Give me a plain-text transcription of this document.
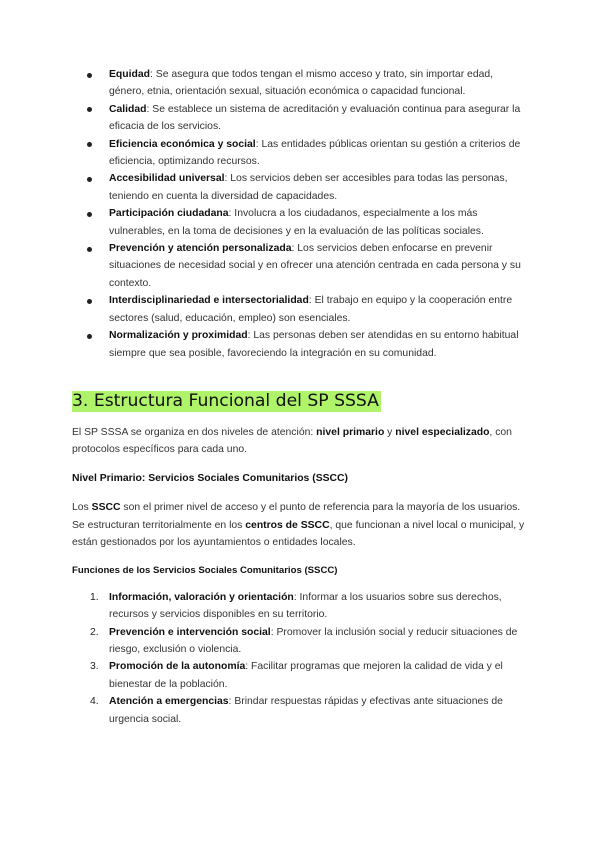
Equidad: Se asegura que todos tengan el mismo acceso y trato, sin importar edad, género, etnia, orientación sexual, situación económica o capacidad funcional.
Calidad: Se establece un sistema de acreditación y evaluación continua para asegurar la eficacia de los servicios.
Eficiencia económica y social: Las entidades públicas orientan su gestión a criterios de eficiencia, optimizando recursos.
Accesibilidad universal: Los servicios deben ser accesibles para todas las personas, teniendo en cuenta la diversidad de capacidades.
Participación ciudadana: Involucra a los ciudadanos, especialmente a los más vulnerables, en la toma de decisiones y en la evaluación de las políticas sociales.
Prevención y atención personalizada: Los servicios deben enfocarse en prevenir situaciones de necesidad social y en ofrecer una atención centrada en cada persona y su contexto.
Interdisciplinariedad e intersectorialidad: El trabajo en equipo y la cooperación entre sectores (salud, educación, empleo) son esenciales.
Normalización y proximidad: Las personas deben ser atendidas en su entorno habitual siempre que sea posible, favoreciendo la integración en su comunidad.
3. Estructura Funcional del SP SSSA

El SP SSSA se organiza en dos niveles de atención: nivel primario y nivel especializado, con protocolos específicos para cada uno.

Nivel Primario: Servicios Sociales Comunitarios (SSCC)

Los SSCC son el primer nivel de acceso y el punto de referencia para la mayoría de los usuarios. Se estructuran territorialmente en los centros de SSCC, que funcionan a nivel local o municipal, y están gestionados por los ayuntamientos o entidades locales.

Funciones de los Servicios Sociales Comunitarios (SSCC)
1. Información, valoración y orientación: Informar a los usuarios sobre sus derechos, recursos y servicios disponibles en su territorio.
2. Prevención e intervención social: Promover la inclusión social y reducir situaciones de riesgo, exclusión o violencia.
3. Promoción de la autonomía: Facilitar programas que mejoren la calidad de vida y el bienestar de la población.
4. Atención a emergencias: Brindar respuestas rápidas y efectivas ante situaciones de urgencia social.
